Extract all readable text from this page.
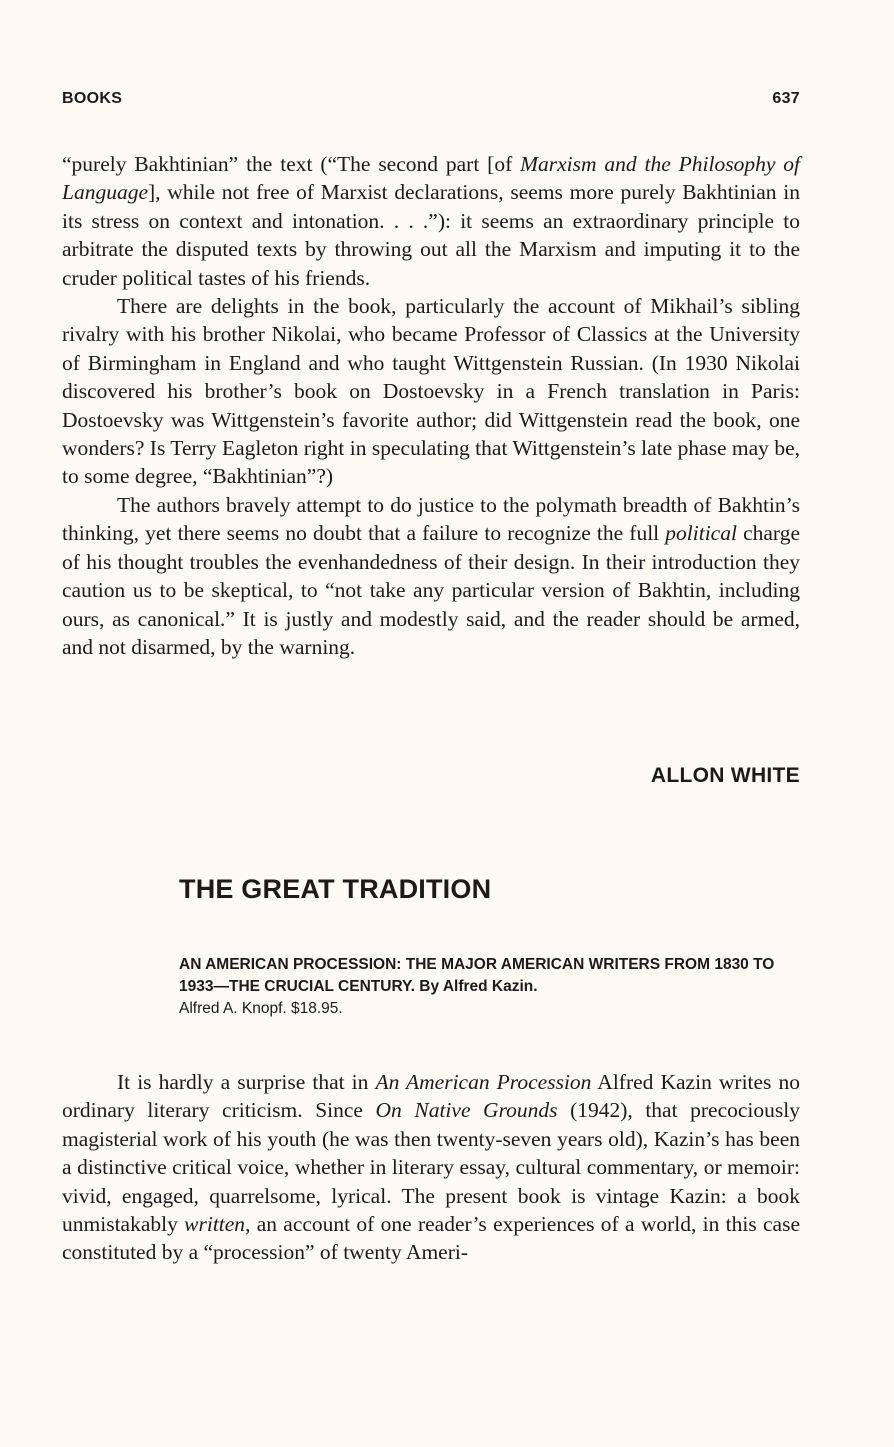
BOOKS	637

“purely Bakhtinian” the text (“The second part [of Marxism and the Philosophy of Language], while not free of Marxist declarations, seems more purely Bakhtinian in its stress on context and intonation. . . .”): it seems an extraordinary principle to arbitrate the disputed texts by throwing out all the Marxism and imputing it to the cruder political tastes of his friends.

There are delights in the book, particularly the account of Mikhail’s sibling rivalry with his brother Nikolai, who became Professor of Classics at the University of Birmingham in England and who taught Wittgenstein Russian. (In 1930 Nikolai discovered his brother’s book on Dostoevsky in a French translation in Paris: Dostoevsky was Wittgenstein’s favorite author; did Wittgenstein read the book, one wonders? Is Terry Eagleton right in speculating that Wittgenstein’s late phase may be, to some degree, “Bakhtinian”?)

The authors bravely attempt to do justice to the polymath breadth of Bakhtin’s thinking, yet there seems no doubt that a failure to recognize the full political charge of his thought troubles the evenhandedness of their design. In their introduction they caution us to be skeptical, to “not take any particular version of Bakhtin, including ours, as canonical.” It is justly and modestly said, and the reader should be armed, and not disarmed, by the warning.

ALLON WHITE
THE GREAT TRADITION
AN AMERICAN PROCESSION: THE MAJOR AMERICAN WRITERS FROM 1830 TO 1933—THE CRUCIAL CENTURY. By Alfred Kazin.
Alfred A. Knopf. $18.95.

It is hardly a surprise that in An American Procession Alfred Kazin writes no ordinary literary criticism. Since On Native Grounds (1942), that precociously magisterial work of his youth (he was then twenty-seven years old), Kazin’s has been a distinctive critical voice, whether in literary essay, cultural commentary, or memoir: vivid, engaged, quarrelsome, lyrical. The present book is vintage Kazin: a book unmistakably written, an account of one reader’s experiences of a world, in this case constituted by a “procession” of twenty Ameri-
